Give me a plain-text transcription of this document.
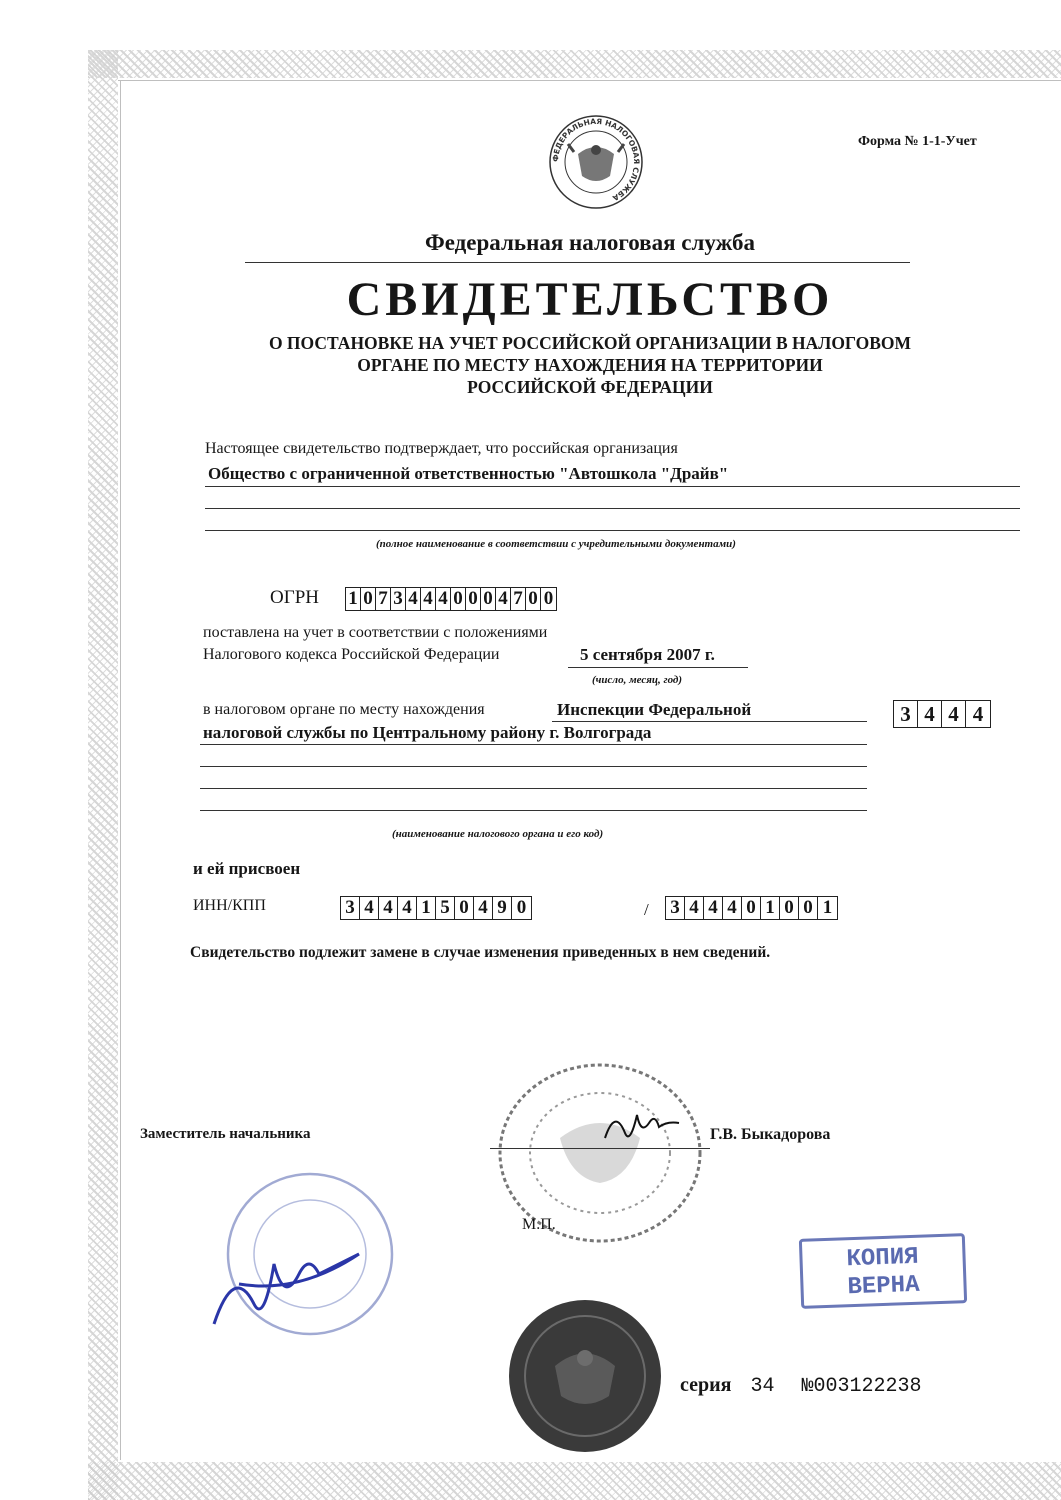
Форма № 1-1-Учет
ФЕДЕРАЛЬНАЯ НАЛОГОВАЯ СЛУЖБА
Федеральная налоговая служба
СВИДЕТЕЛЬСТВО
О ПОСТАНОВКЕ НА УЧЕТ РОССИЙСКОЙ ОРГАНИЗАЦИИ В НАЛОГОВОМ
ОРГАНЕ ПО МЕСТУ НАХОЖДЕНИЯ НА ТЕРРИТОРИИ
РОССИЙСКОЙ ФЕДЕРАЦИИ
Настоящее свидетельство подтверждает, что российская организация
Общество с ограниченной ответственностью "Автошкола "Драйв"
(полное наименование в соответствии с учредительными документами)
ОГРН 1 0 7 3 4 4 4 0 0 0 4 7 0 0
поставлена на учет в соответствии с положениями
Налогового кодекса Российской Федерации	5 сентября 2007 г.
(число, месяц, год)
в налоговом органе по месту нахождения	Инспекции Федеральной
налоговой службы по Центральному району г. Волгограда
(наименование налогового органа и его код)
3 4 4 4
и ей присвоен
ИНН/КПП	3 4 4 4 1 5 0 4 9 0	/ 3 4 4 4 0 1 0 0 1
Свидетельство подлежит замене в случае изменения приведенных в нем сведений.
Заместитель начальника	Г.В. Быкадорова
М.П.
КОПИЯ
ВЕРНА
серия 34 №003122238
